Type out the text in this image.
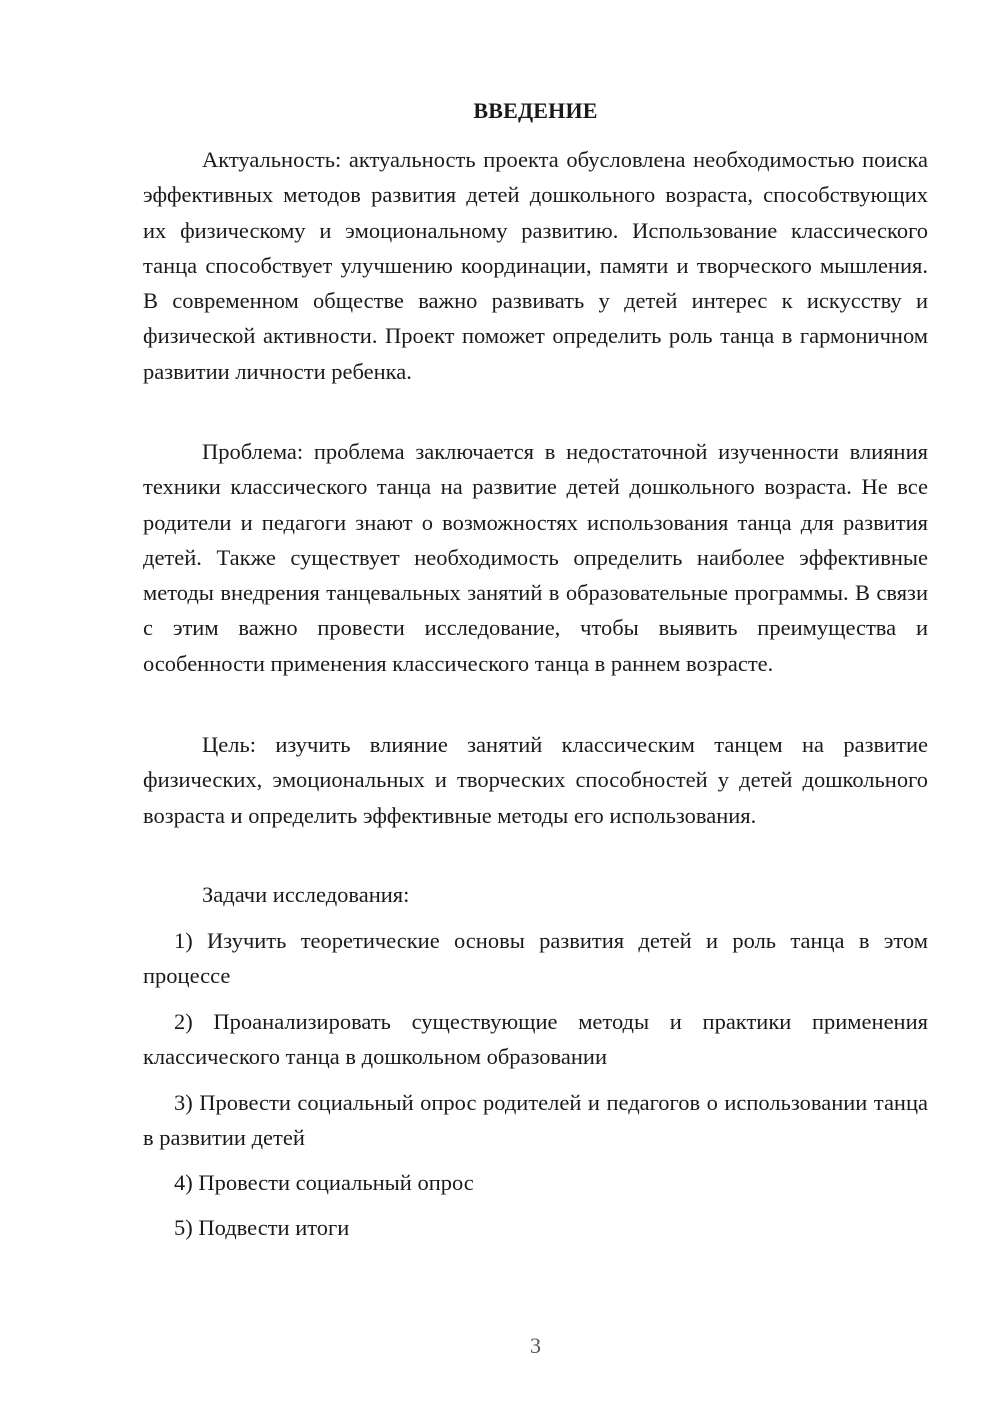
ВВЕДЕНИЕ

Актуальность: актуальность проекта обусловлена необходимостью поиска эффективных методов развития детей дошкольного возраста, способствующих их физическому и эмоциональному развитию. Использование классического танца способствует улучшению координации, памяти и творческого мышления. В современном обществе важно развивать у детей интерес к искусству и физической активности. Проект поможет определить роль танца в гармоничном развитии личности ребенка.

Проблема: проблема заключается в недостаточной изученности влияния техники классического танца на развитие детей дошкольного возраста. Не все родители и педагоги знают о возможностях использования танца для развития детей. Также существует необходимость определить наиболее эффективные методы внедрения танцевальных занятий в образовательные программы. В связи с этим важно провести исследование, чтобы выявить преимущества и особенности применения классического танца в раннем возрасте.

Цель: изучить влияние занятий классическим танцем на развитие физических, эмоциональных и творческих способностей у детей дошкольного возраста и определить эффективные методы его использования.

Задачи исследования:

1) Изучить теоретические основы развития детей и роль танца в этом процессе

2) Проанализировать существующие методы и практики применения классического танца в дошкольном образовании

3) Провести социальный опрос родителей и педагогов о использовании танца в развитии детей

4) Провести социальный опрос

5) Подвести итоги

3
